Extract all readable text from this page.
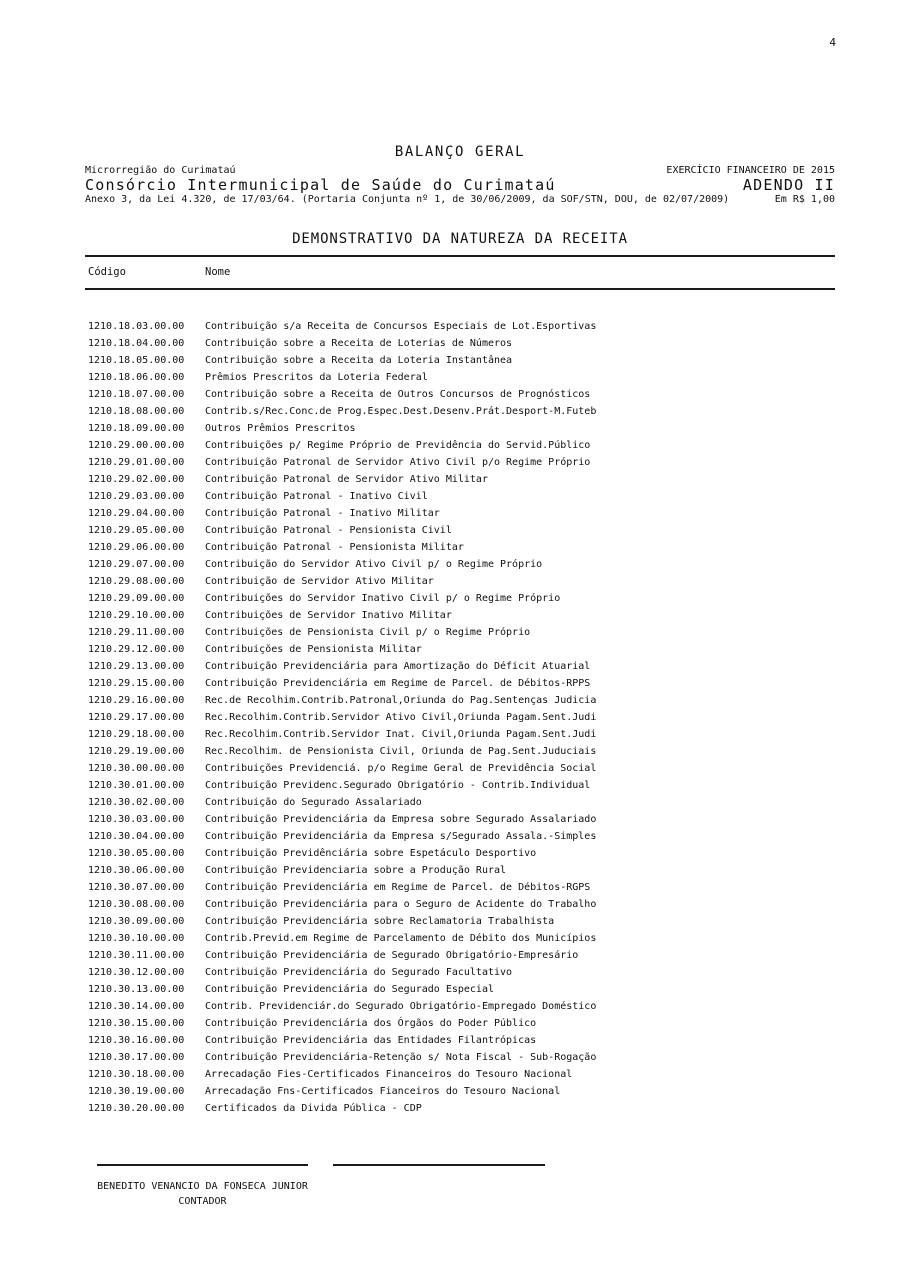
4
BALANÇO GERAL
Microrregião do Curimataú	EXERCÍCIO FINANCEIRO DE 2015
Consórcio Intermunicipal de Saúde do Curimataú	ADENDO II
Anexo 3, da Lei 4.320, de 17/03/64. (Portaria Conjunta nº 1, de 30/06/2009, da SOF/STN, DOU, de 02/07/2009)	Em R$ 1,00
DEMONSTRATIVO DA NATUREZA DA RECEITA
Código	Nome
1210.18.03.00.00	Contribuição s/a Receita de Concursos Especiais de Lot.Esportivas
1210.18.04.00.00	Contribuição sobre a Receita de Loterias de Números
1210.18.05.00.00	Contribuição sobre a Receita da Loteria Instantânea
1210.18.06.00.00	Prêmios Prescritos da Loteria Federal
1210.18.07.00.00	Contribuição sobre a Receita de Outros Concursos de Prognósticos
1210.18.08.00.00	Contrib.s/Rec.Conc.de Prog.Espec.Dest.Desenv.Prát.Desport-M.Futeb
1210.18.09.00.00	Outros Prêmios Prescritos
1210.29.00.00.00	Contribuições p/ Regime Próprio de Previdência do Servid.Público
1210.29.01.00.00	Contribuição Patronal de Servidor Ativo Civil p/o Regime Próprio
1210.29.02.00.00	Contribuição Patronal de Servidor Ativo Militar
1210.29.03.00.00	Contribuição Patronal - Inativo Civil
1210.29.04.00.00	Contribuição Patronal - Inativo Militar
1210.29.05.00.00	Contribuição Patronal - Pensionista Civil
1210.29.06.00.00	Contribuição Patronal - Pensionista Militar
1210.29.07.00.00	Contribuição do Servidor Ativo Civil p/ o Regime Próprio
1210.29.08.00.00	Contribuição de Servidor Ativo Militar
1210.29.09.00.00	Contribuições do Servidor Inativo Civil p/ o Regime Próprio
1210.29.10.00.00	Contribuições de Servidor Inativo Militar
1210.29.11.00.00	Contribuições de Pensionista Civil p/ o Regime Próprio
1210.29.12.00.00	Contribuições de Pensionista Militar
1210.29.13.00.00	Contribuição Previdenciária para Amortização do Déficit Atuarial
1210.29.15.00.00	Contribuição Previdenciária em Regime de Parcel. de Débitos-RPPS
1210.29.16.00.00	Rec.de Recolhim.Contrib.Patronal,Oriunda do Pag.Sentenças Judicia
1210.29.17.00.00	Rec.Recolhim.Contrib.Servidor Ativo Civil,Oriunda Pagam.Sent.Judi
1210.29.18.00.00	Rec.Recolhim.Contrib.Servidor Inat. Civil,Oriunda Pagam.Sent.Judi
1210.29.19.00.00	Rec.Recolhim. de Pensionista Civil, Oriunda de Pag.Sent.Juduciais
1210.30.00.00.00	Contribuições Previdenciá. p/o Regime Geral de Previdência Social
1210.30.01.00.00	Contribuição Previdenc.Segurado Obrigatório - Contrib.Individual
1210.30.02.00.00	Contribuição do Segurado Assalariado
1210.30.03.00.00	Contribuição Previdenciária da Empresa sobre Segurado Assalariado
1210.30.04.00.00	Contribuição Previdenciária da Empresa s/Segurado Assala.-Simples
1210.30.05.00.00	Contribuição Previdênciária sobre Espetáculo Desportivo
1210.30.06.00.00	Contribuição Previdenciaria sobre a Produção Rural
1210.30.07.00.00	Contribuição Previdenciária em Regime de Parcel. de Débitos-RGPS
1210.30.08.00.00	Contribuição Previdenciária para o Seguro de Acidente do Trabalho
1210.30.09.00.00	Contribuição Previdenciária sobre Reclamatoria Trabalhista
1210.30.10.00.00	Contrib.Previd.em Regime de Parcelamento de Débito dos Municípios
1210.30.11.00.00	Contribuição Previdenciária de Segurado Obrigatório-Empresário
1210.30.12.00.00	Contribuição Previdenciária do Segurado Facultativo
1210.30.13.00.00	Contribuição Previdenciária do Segurado Especial
1210.30.14.00.00	Contrib. Previdenciár.do Segurado Obrigatório-Empregado Doméstico
1210.30.15.00.00	Contribuição Previdenciária dos Órgãos do Poder Público
1210.30.16.00.00	Contribuição Previdenciária das Entidades Filantrópicas
1210.30.17.00.00	Contribuição Previdenciária-Retenção s/ Nota Fiscal - Sub-Rogação
1210.30.18.00.00	Arrecadação Fies-Certificados Financeiros do Tesouro Nacional
1210.30.19.00.00	Arrecadação Fns-Certificados Fianceiros do Tesouro Nacional
1210.30.20.00.00	Certificados da Divida Pública - CDP
BENEDITO VENANCIO DA FONSECA JUNIOR
CONTADOR
